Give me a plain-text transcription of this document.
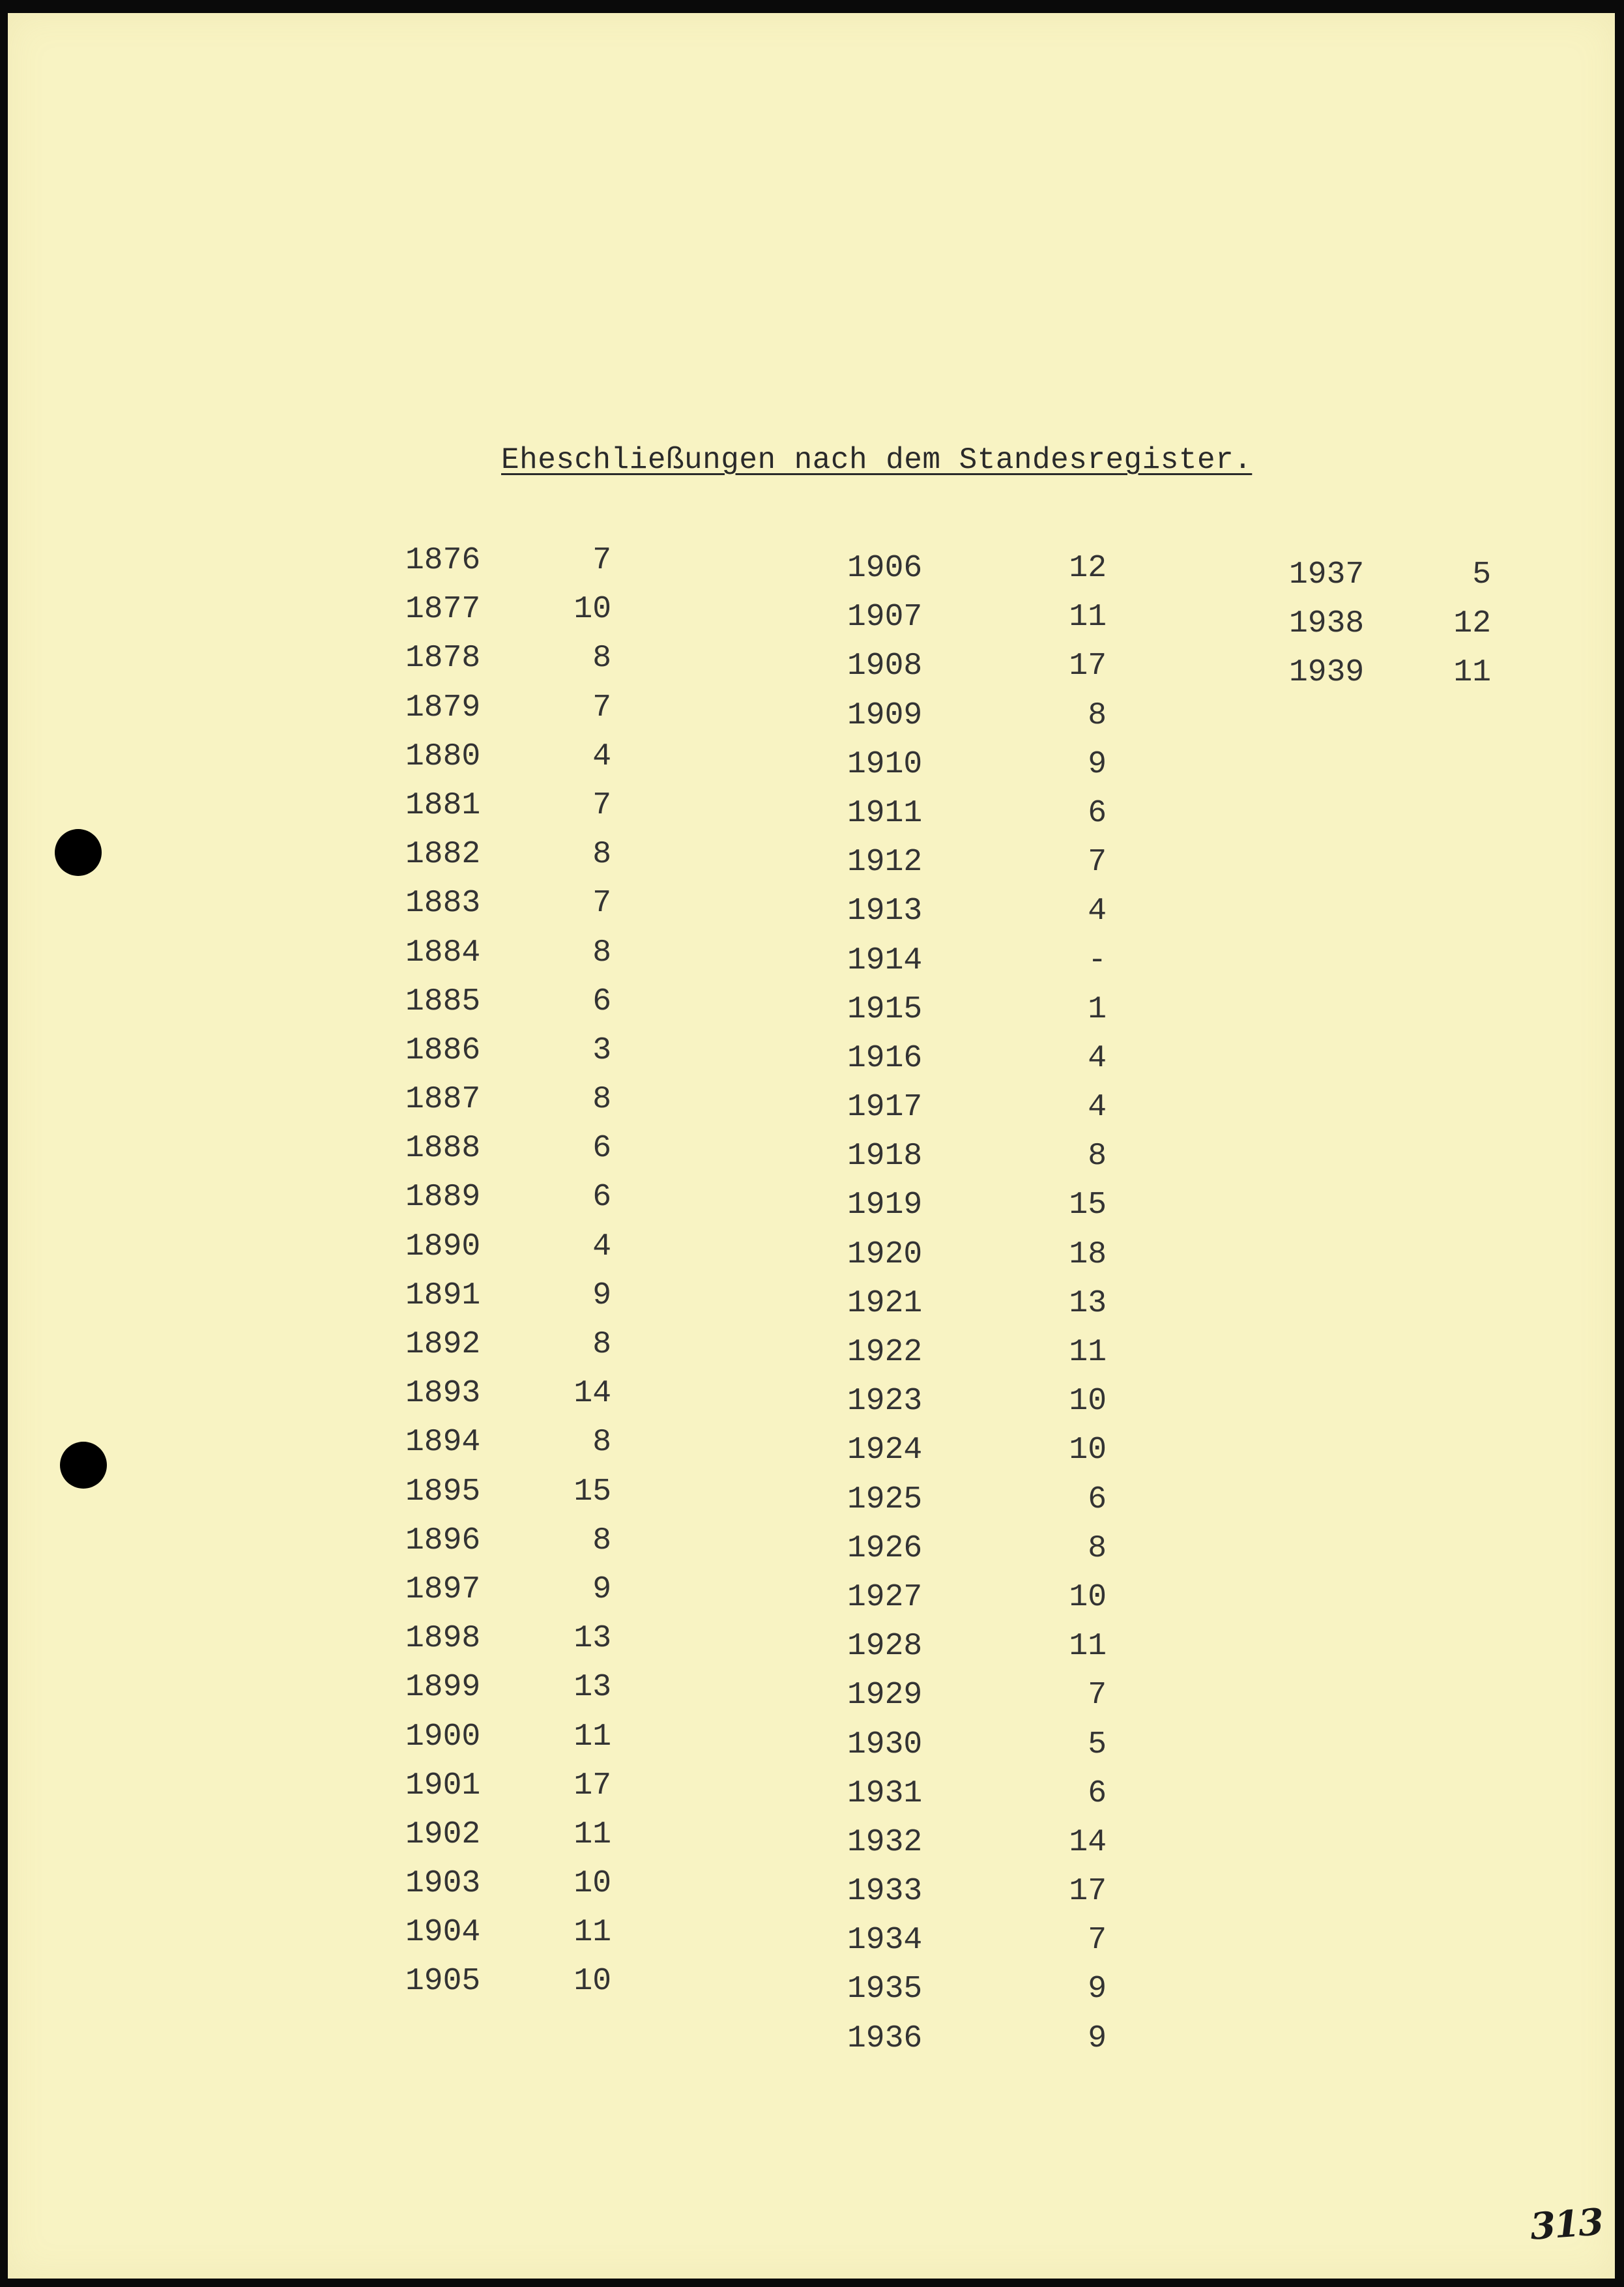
Eheschließungen nach dem Standesregister.
1876	7
1877	10
1878	8
1879	7
1880	4
1881	7
1882	8
1883	7
1884	8
1885	6
1886	3
1887	8
1888	6
1889	6
1890	4
1891	9
1892	8
1893	14
1894	8
1895	15
1896	8
1897	9
1898	13
1899	13
1900	11
1901	17
1902	11
1903	10
1904	11
1905	10
1906	12
1907	11
1908	17
1909	8
1910	9
1911	6
1912	7
1913	4
1914	-
1915	1
1916	4
1917	4
1918	8
1919	15
1920	18
1921	13
1922	11
1923	10
1924	10
1925	6
1926	8
1927	10
1928	11
1929	7
1930	5
1931	6
1932	14
1933	17
1934	7
1935	9
1936	9
1937	5
1938	12
1939	11
313
